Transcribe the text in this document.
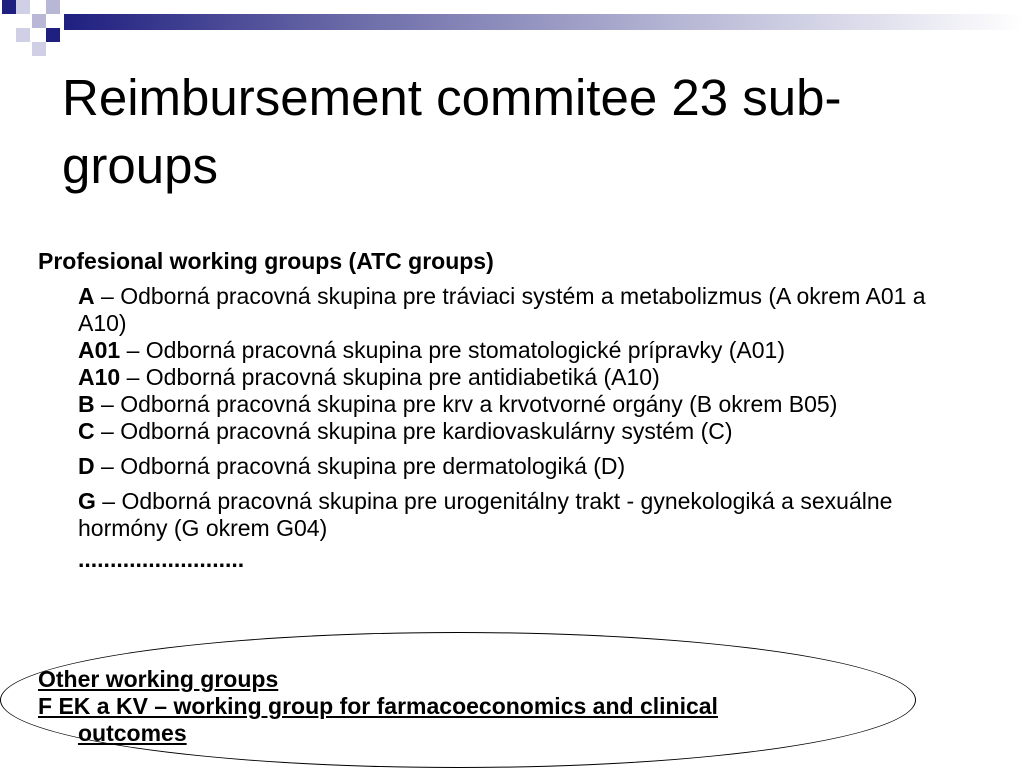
Reimbursement commitee 23 sub-groups

Profesional working groups (ATC groups)

A – Odborná pracovná skupina pre tráviaci systém a metabolizmus (A okrem A01 a A10)

A01 – Odborná pracovná skupina pre stomatologické prípravky (A01)

A10 – Odborná pracovná skupina pre antidiabetiká (A10)

B – Odborná pracovná skupina pre krv a krvotvorné orgány (B okrem B05)

C – Odborná pracovná skupina pre kardiovaskulárny systém (C)

D – Odborná pracovná skupina pre dermatologiká (D)

G – Odborná pracovná skupina pre urogenitálny trakt - gynekologiká a sexuálne hormóny (G okrem G04)

..........................

Other working groups
F EK a KV – working group for farmacoeconomics and clinical
outcomes
